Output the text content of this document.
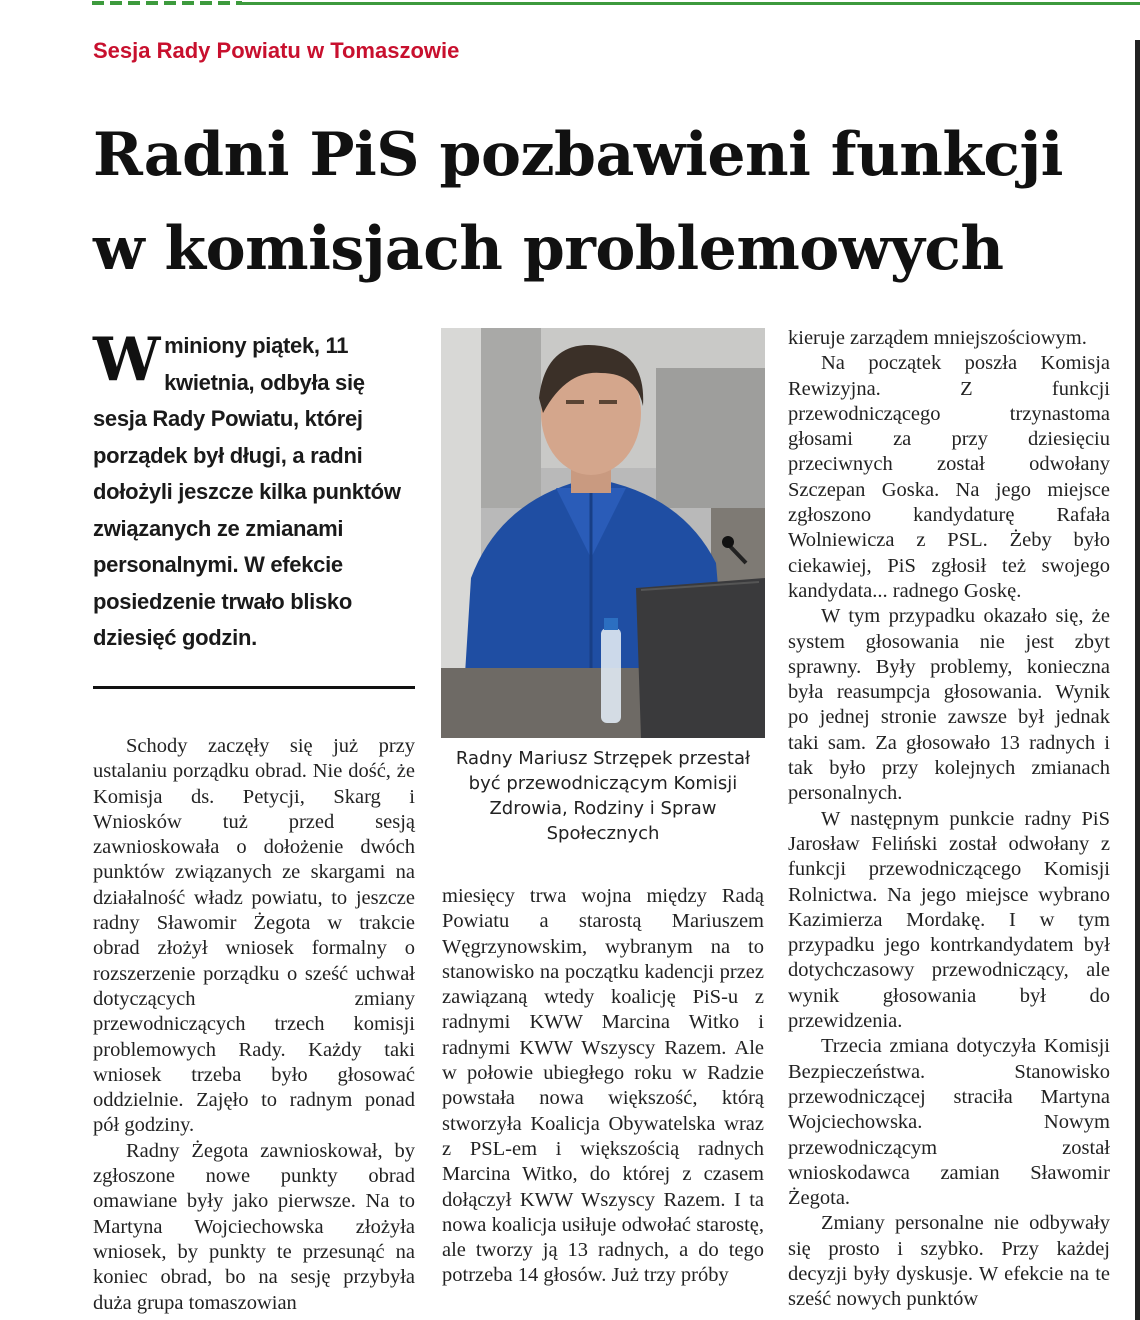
Sesja Rady Powiatu w Tomaszowie
Radni PiS pozbawieni funkcji w komisjach problemowych
W miniony piątek, 11 kwietnia, odbyła się sesja Rady Powiatu, której porządek był długi, a radni dołożyli jeszcze kilka punktów związanych ze zmianami personalnymi. W efekcie posiedzenie trwało blisko dziesięć godzin.

Schody zaczęły się już przy ustalaniu porządku obrad. Nie dość, że Komisja ds. Petycji, Skarg i Wniosków tuż przed sesją zawnioskowała o dołożenie dwóch punktów związanych ze skargami na działalność władz powiatu, to jeszcze radny Sławomir Żegota w trakcie obrad złożył wniosek formalny o rozszerzenie porządku o sześć uchwał dotyczących zmiany przewodniczących trzech komisji problemowych Rady. Każdy taki wniosek trzeba było głosować oddzielnie. Zajęło to radnym ponad pół godziny.

Radny Żegota zawnioskował, by zgłoszone nowe punkty obrad omawiane były jako pierwsze. Na to Martyna Wojciechowska złożyła wniosek, by punkty te przesunąć na koniec obrad, bo na sesję przybyła duża grupa tomaszowian

Radny Mariusz Strzępek przestał być przewodniczącym Komisji Zdrowia, Rodziny i Spraw Społecznych

miesięcy trwa wojna między Radą Powiatu a starostą Mariuszem Węgrzynowskim, wybranym na to stanowisko na początku kadencji przez zawiązaną wtedy koalicję PiS-u z radnymi KWW Marcina Witko i radnymi KWW Wszyscy Razem. Ale w połowie ubiegłego roku w Radzie powstała nowa większość, którą stworzyła Koalicja Obywatelska wraz z PSL-em i większością radnych Marcina Witko, do której z czasem dołączył KWW Wszyscy Razem. I ta nowa koalicja usiłuje odwołać starostę, ale tworzy ją 13 radnych, a do tego potrzeba 14 głosów. Już trzy próby

kieruje zarządem mniejszościowym.

Na początek poszła Komisja Rewizyjna. Z funkcji przewodniczącego trzynastoma głosami za przy dziesięciu przeciwnych został odwołany Szczepan Goska. Na jego miejsce zgłoszono kandydaturę Rafała Wolniewicza z PSL. Żeby było ciekawiej, PiS zgłosił też swojego kandydata... radnego Goskę.

W tym przypadku okazało się, że system głosowania nie jest zbyt sprawny. Były problemy, konieczna była reasumpcja głosowania. Wynik po jednej stronie zawsze był jednak taki sam. Za głosowało 13 radnych i tak było przy kolejnych zmianach personalnych.

W następnym punkcie radny PiS Jarosław Feliński został odwołany z funkcji przewodniczącego Komisji Rolnictwa. Na jego miejsce wybrano Kazimierza Mordakę. I w tym przypadku jego kontrkandydatem był dotychczasowy przewodniczący, ale wynik głosowania był do przewidzenia.

Trzecia zmiana dotyczyła Komisji Bezpieczeństwa. Stanowisko przewodniczącej straciła Martyna Wojciechowska. Nowym przewodniczącym został wnioskodawca zamian Sławomir Żegota.

Zmiany personalne nie odbywały się prosto i szybko. Przy każdej decyzji były dyskusje. W efekcie na te sześć nowych punktów
